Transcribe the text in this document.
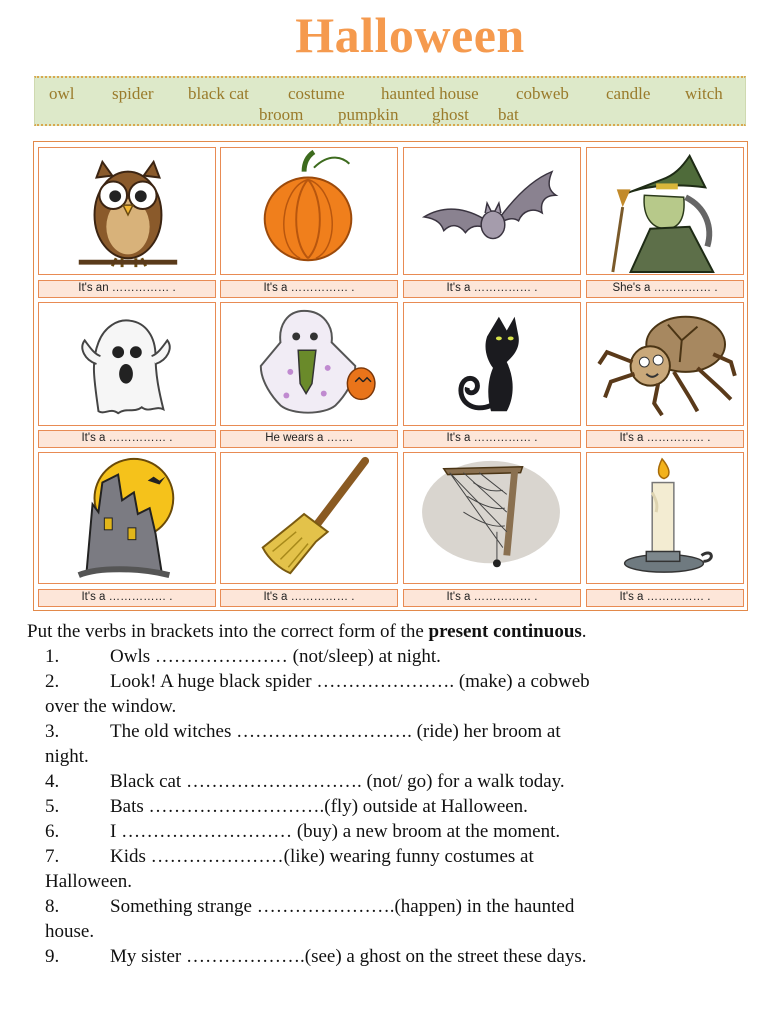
Halloween
owl spider black cat costume haunted house cobweb candle witch
broom pumpkin ghost bat
It's an …………… .	It's a …………… .	It's a …………… .	She's a …………… .
It's a …………… .	He wears a …….	It's a …………… .	It's a …………… .
It's a …………… .	It's a …………… .	It's a …………… .	It's a …………… .
Put the verbs in brackets into the correct form of the present continuous.
1.	Owls ………………… (not/sleep) at night.
2.	Look! A huge black spider …………………. (make) a cobweb
over the window.
3.	The old witches ………………………. (ride) her broom at
night.
4.	Black cat ………………………. (not/ go) for a walk today.
5.	Bats ……………………….(fly) outside at Halloween.
6.	I ……………………… (buy) a new broom at the moment.
7.	Kids …………………(like) wearing funny costumes at
Halloween.
8.	Something strange ………………….(happen) in the haunted
house.
9.	My sister ……………….(see) a ghost on the street these days.
